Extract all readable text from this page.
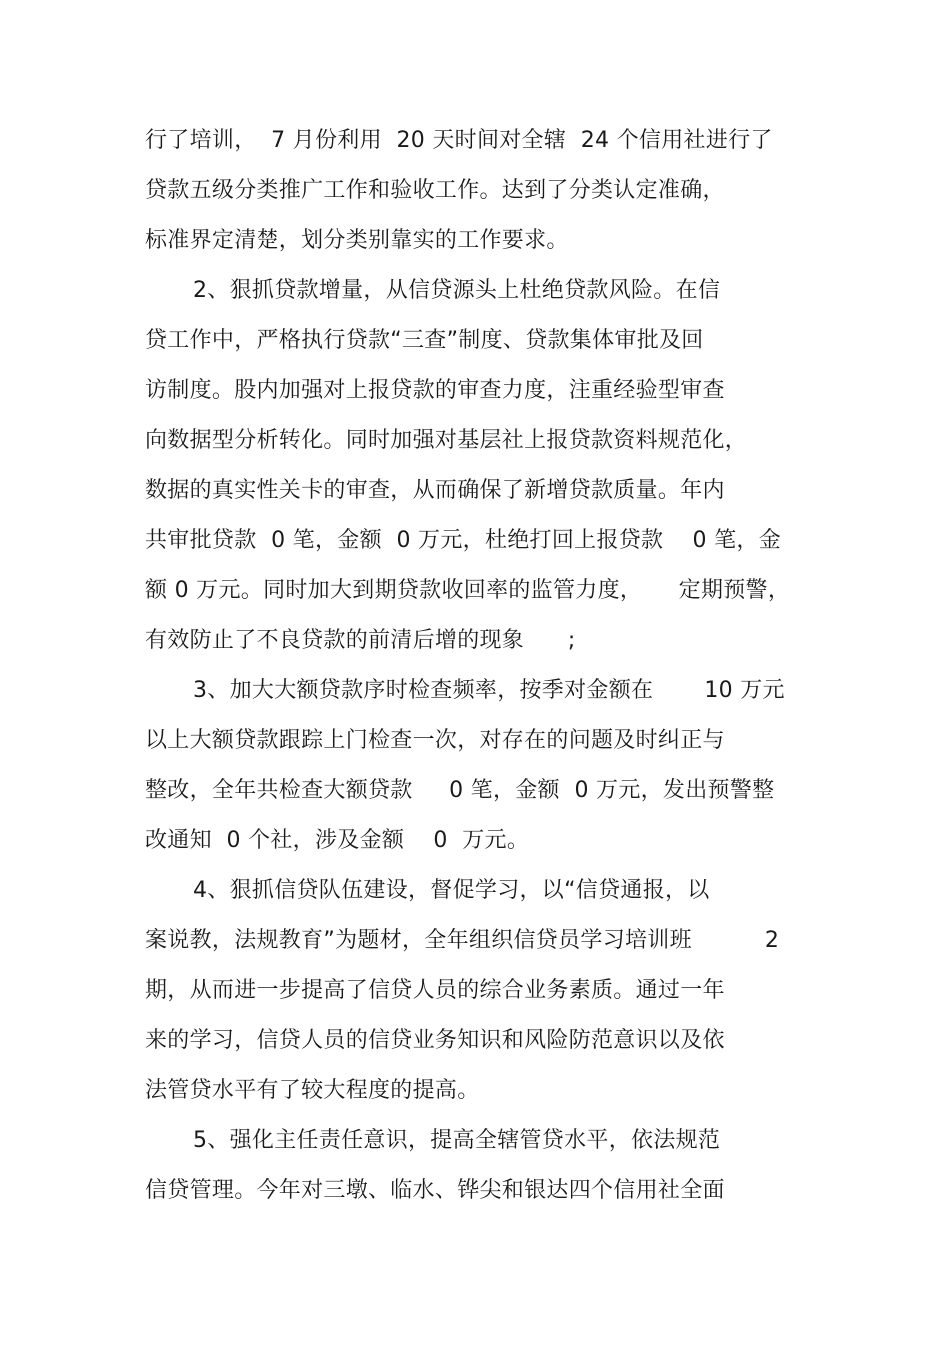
行了培训，  7 月份利用  20 天时间对全辖  24 个信用社进行了
贷款五级分类推广工作和验收工作。达到了分类认定准确，
标准界定清楚，划分类别靠实的工作要求。
2、狠抓贷款增量，从信贷源头上杜绝贷款风险。在信
贷工作中，严格执行贷款“三查”制度、贷款集体审批及回
访制度。股内加强对上报贷款的审查力度，注重经验型审查
向数据型分析转化。同时加强对基层社上报贷款资料规范化，
数据的真实性关卡的审查，从而确保了新增贷款质量。年内
共审批贷款  0 笔，金额  0 万元，杜绝打回上报贷款    0 笔，金
额 0 万元。同时加大到期贷款收回率的监管力度，     定期预警，
有效防止了不良贷款的前清后增的现象      ;
3、加大大额贷款序时检查频率，按季对金额在       10 万元
以上大额贷款跟踪上门检查一次，对存在的问题及时纠正与
整改，全年共检查大额贷款     0 笔，金额  0 万元，发出预警整
改通知  0 个社，涉及金额    0  万元。
4、狠抓信贷队伍建设，督促学习，以“信贷通报，以
案说教，法规教育”为题材，全年组织信贷员学习培训班          2
期，从而进一步提高了信贷人员的综合业务素质。通过一年
来的学习，信贷人员的信贷业务知识和风险防范意识以及依
法管贷水平有了较大程度的提高。
5、强化主任责任意识，提高全辖管贷水平，依法规范
信贷管理。今年对三墩、临水、铧尖和银达四个信用社全面
